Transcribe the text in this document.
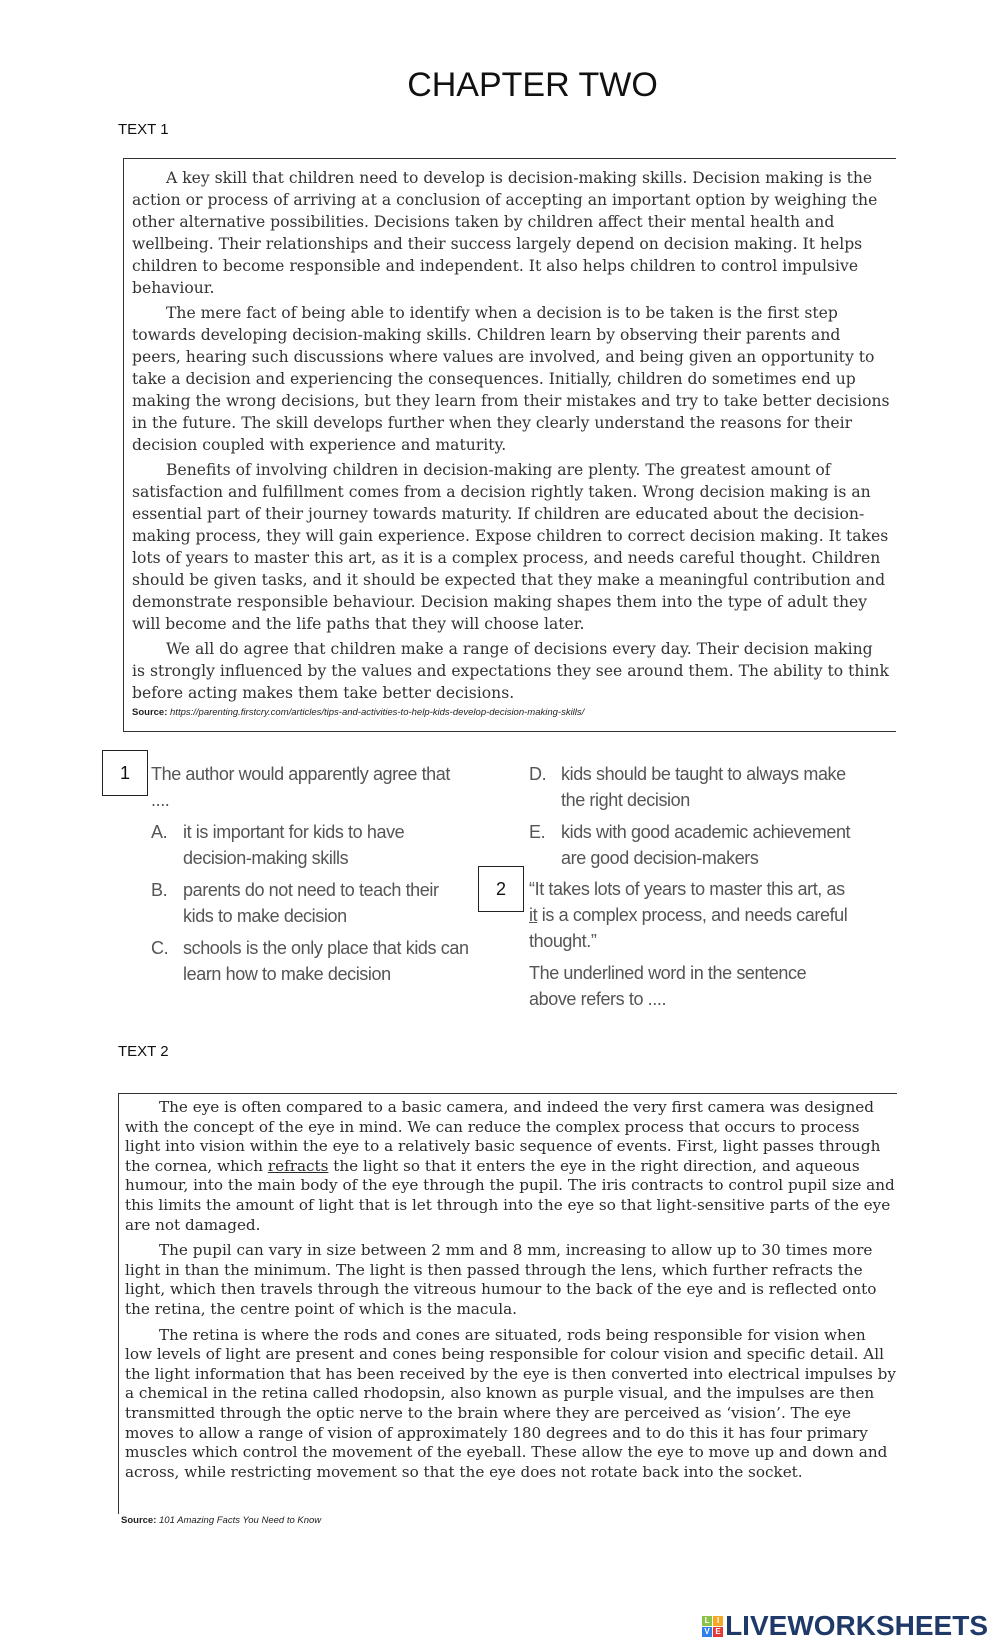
CHAPTER TWO
TEXT 1

A key skill that children need to develop is decision-making skills. Decision making is the action or process of arriving at a conclusion of accepting an important option by weighing the other alternative possibilities. Decisions taken by children affect their mental health and wellbeing. Their relationships and their success largely depend on decision making. It helps children to become responsible and independent. It also helps children to control impulsive behaviour.

The mere fact of being able to identify when a decision is to be taken is the first step towards developing decision-making skills. Children learn by observing their parents and peers, hearing such discussions where values are involved, and being given an opportunity to take a decision and experiencing the consequences. Initially, children do sometimes end up making the wrong decisions, but they learn from their mistakes and try to take better decisions in the future. The skill develops further when they clearly understand the reasons for their decision coupled with experience and maturity.

Benefits of involving children in decision-making are plenty. The greatest amount of satisfaction and fulfillment comes from a decision rightly taken. Wrong decision making is an essential part of their journey towards maturity. If children are educated about the decision-making process, they will gain experience. Expose children to correct decision making. It takes lots of years to master this art, as it is a complex process, and needs careful thought. Children should be given tasks, and it should be expected that they make a meaningful contribution and demonstrate responsible behaviour. Decision making shapes them into the type of adult they will become and the life paths that they will choose later.

We all do agree that children make a range of decisions every day. Their decision making is strongly influenced by the values and expectations they see around them. The ability to think before acting makes them take better decisions.

Source: https://parenting.firstcry.com/articles/tips-and-activities-to-help-kids-develop-decision-making-skills/
1	The author would apparently agree that ....
A. it is important for kids to have decision-making skills
B. parents do not need to teach their kids to make decision
C. schools is the only place that kids can learn how to make decision
D. kids should be taught to always make the right decision
E. kids with good academic achievement are good decision-makers
2	“It takes lots of years to master this art, as it is a complex process, and needs careful thought.”
The underlined word in the sentence above refers to ....
TEXT 2

The eye is often compared to a basic camera, and indeed the very first camera was designed with the concept of the eye in mind. We can reduce the complex process that occurs to process light into vision within the eye to a relatively basic sequence of events. First, light passes through the cornea, which refracts the light so that it enters the eye in the right direction, and aqueous humour, into the main body of the eye through the pupil. The iris contracts to control pupil size and this limits the amount of light that is let through into the eye so that light-sensitive parts of the eye are not damaged.

The pupil can vary in size between 2 mm and 8 mm, increasing to allow up to 30 times more light in than the minimum. The light is then passed through the lens, which further refracts the light, which then travels through the vitreous humour to the back of the eye and is reflected onto the retina, the centre point of which is the macula.

The retina is where the rods and cones are situated, rods being responsible for vision when low levels of light are present and cones being responsible for colour vision and specific detail. All the light information that has been received by the eye is then converted into electrical impulses by a chemical in the retina called rhodopsin, also known as purple visual, and the impulses are then transmitted through the optic nerve to the brain where they are perceived as ‘vision’. The eye moves to allow a range of vision of approximately 180 degrees and to do this it has four primary muscles which control the movement of the eyeball. These allow the eye to move up and down and across, while restricting movement so that the eye does not rotate back into the socket.

Source: 101 Amazing Facts You Need to Know
L I
V E LIVEWORKSHEETS
